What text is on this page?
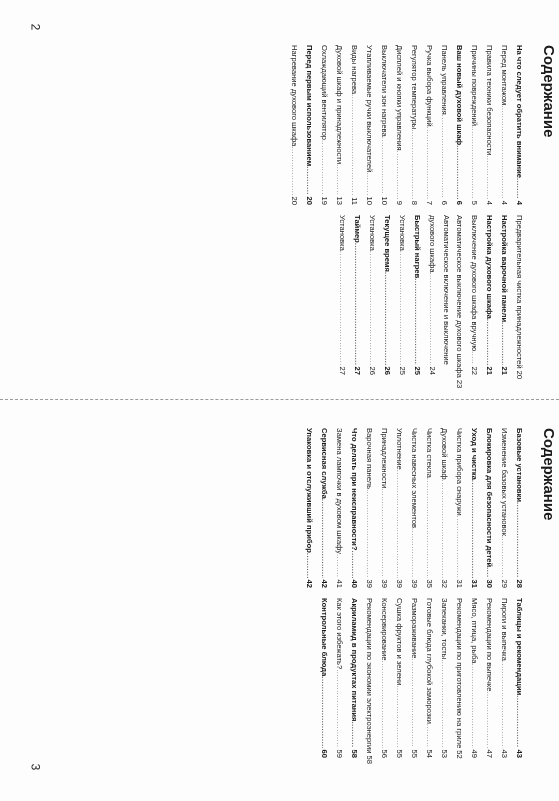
2
3
Содержание
На что следует обратить внимание
.....
4
Перед монтажом
.....
4
Правила техники безопасности
.....
4
Причины повреждений
.....
5
Ваш новый духовой шкаф
.....
6
Панель управления
.....
6
Ручка выбора функций
.....
7
Регулятор температуры
.....
8
Дисплей и кнопки управления
.....
9
Выключатели зон нагрева
.....
10
Утапливаемые ручки выключателей
.....
10
Виды нагрева
.....
11
Духовой шкаф и принадлежности
.....
13
Охлаждающий вентилятор
.....
19
Перед первым использованием
.....
20
Нагревание духового шкафа
.....
20
Предварительная чистка принадлежностей
20
Настройка варочной панели
.....
21
Настройка духового шкафа
.....
21
Выключение духового шкафа вручную
.....
22
Автоматическое выключение духового шкафа
23
Автоматическое включение и выключение
духового шкафа
.....
24
Быстрый нагрев
.....
25
Установка
.....
25
Текущее время
.....
26
Установка
.....
26
Таймер
.....
27
Установка
.....
27
Содержание
Базовые установки
.....
28
Изменение базовых установок
.....
29
Блокировка для безопасности детей
.....
30
Уход и чистка
.....
31
Чистка прибора снаружи
.....
31
Духовой шкаф
.....
32
Чистка стекла
.....
35
Чистка навесных элементов
.....
39
Уплотнение
.....
39
Принадлежности
.....
39
Варочная панель
.....
39
Что делать при неисправности?
.....
40
Замена лампочки в духовом шкафу
.....
41
Сервисная служба
.....
42
Упаковка и отслуживший прибор
.....
42
Таблицы и рекомендации
.....
43
Пироги и выпечка
.....
43
Рекомендации по выпечке
.....
47
Мясо, птица, рыба
.....
49
Рекомендации по приготовлению на гриле
52
Запеканки, тосты
.....
53
Готовые блюда глубокой заморозки
.....
54
Размораживание
.....
55
Сушка фруктов и зелени
.....
55
Консервирование
.....
56
Рекомендации по экономии электроэнергии
58
Акриламид в продуктах питания
.....
58
Как этого избежать?
.....
59
Контрольные блюда
.....
60
